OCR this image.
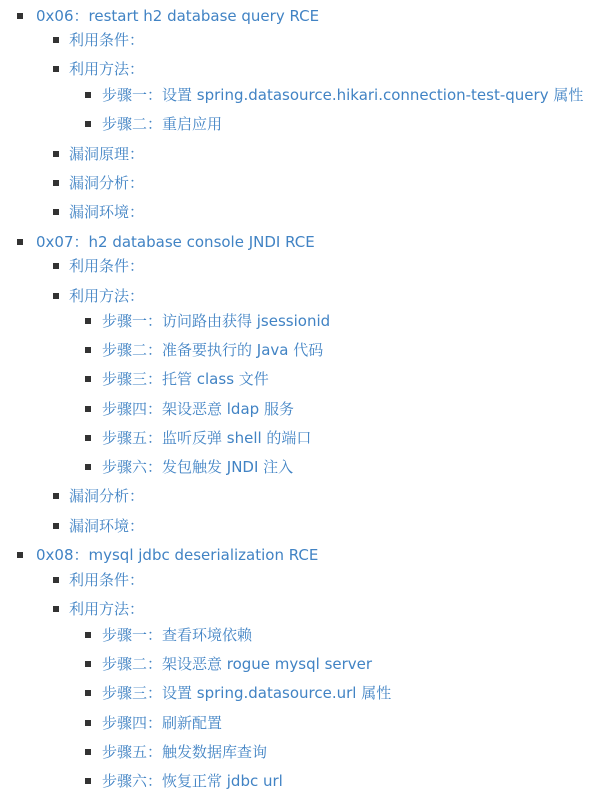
0x06：restart h2 database query RCE
利用条件：
利用方法：
步骤一：设置 spring.datasource.hikari.connection-test-query 属性
步骤二：重启应用
漏洞原理：
漏洞分析：
漏洞环境：
0x07：h2 database console JNDI RCE
利用条件：
利用方法：
步骤一：访问路由获得 jsessionid
步骤二：准备要执行的 Java 代码
步骤三：托管 class 文件
步骤四：架设恶意 ldap 服务
步骤五：监听反弹 shell 的端口
步骤六：发包触发 JNDI 注入
漏洞分析：
漏洞环境：
0x08：mysql jdbc deserialization RCE
利用条件：
利用方法：
步骤一：查看环境依赖
步骤二：架设恶意 rogue mysql server
步骤三：设置 spring.datasource.url 属性
步骤四：刷新配置
步骤五：触发数据库查询
步骤六：恢复正常 jdbc url
